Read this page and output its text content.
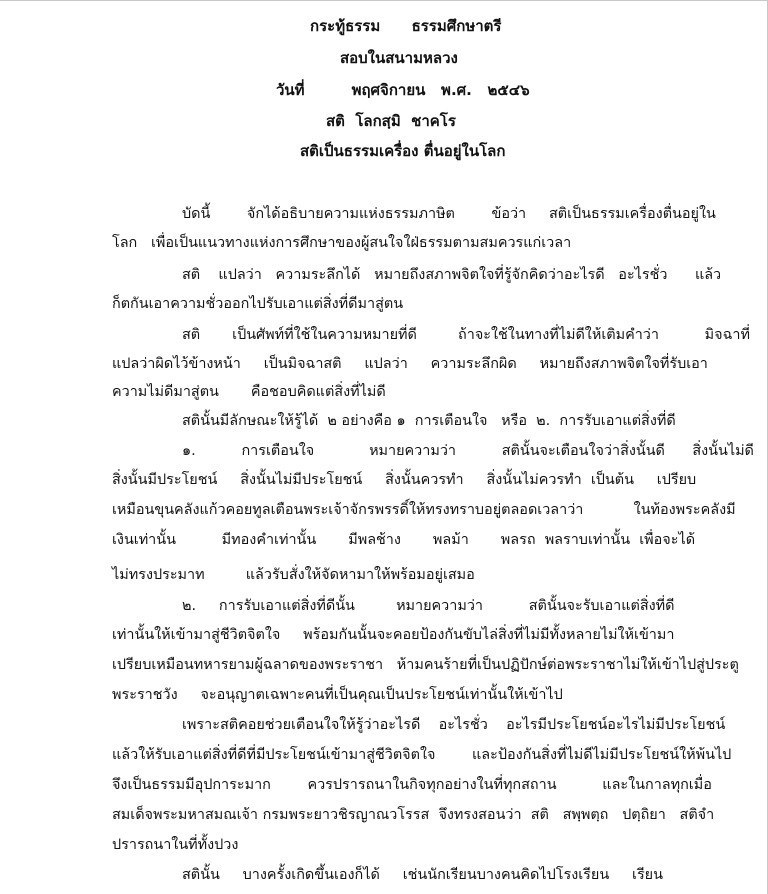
กระทู้ธรรม      ธรรมศึกษาตรี
สอบในสนามหลวง
วันที่         พฤศจิกายน   พ.ศ.   ๒๕๔๖
สติ  โลกสฺมิ  ชาคโร
สติเป็นธรรมเครื่อง ตื่นอยู่ในโลก
บัดนี้        จักได้อธิบายความแห่งธรรมภาษิต        ข้อว่า     สติเป็นธรรมเครื่องตื่นอยู่ใน
โลก   เพื่อเป็นแนวทางแห่งการศึกษาของผู้สนใจใฝ่ธรรมตามสมควรแก่เวลา
สติ    แปลว่า   ความระลึกได้   หมายถึงสภาพจิตใจที่รู้จักคิดว่าอะไรดี   อะไรชั่ว      แล้ว
ก็ตกันเอาความชั่วออกไปรับเอาแต่สิ่งที่ดีมาสู่ตน
สติ       เป็นศัพท์ที่ใช้ในความหมายที่ดี         ถ้าจะใช้ในทางที่ไม่ดีให้เติมคำว่า          มิจฉาที่
แปลว่าผิดไว้ข้างหน้า     เป็นมิจฉาสติ     แปลว่า     ความระลึกผิด     หมายถึงสภาพจิตใจที่รับเอา
ความไม่ดีมาสู่ตน       คือชอบคิดแต่สิ่งที่ไม่ดี
สตินั้นมีลักษณะให้รู้ได้  ๒ อย่างคือ ๑  การเตือนใจ   หรือ  ๒.  การรับเอาแต่สิ่งที่ดี
๑.          การเตือนใจ            หมายความว่า          สตินั้นจะเตือนใจว่าสิ่งนั้นดี      สิ่งนั้นไม่ดี
สิ่งนั้นมีประโยชน์     สิ่งนั้นไม่มีประโยชน์     สิ่งนั้นควรทำ     สิ่งนั้นไม่ควรทำ  เป็นต้น     เปรียบ
เหมือนขุนคลังแก้วคอยทูลเตือนพระเจ้าจักรพรรดิ์ให้ทรงทราบอยู่ตลอดเวลาว่า           ในท้องพระคลังมี
เงินเท่านั้น          มีทองคำเท่านั้น       มีพลช้าง       พลม้า       พลรถ  พลราบเท่านั้น  เพื่อจะได้
ไม่ทรงประมาท         แล้วรับสั่งให้จัดหามาให้พร้อมอยู่เสมอ
๒.     การรับเอาแต่สิ่งที่ดีนั้น         หมายความว่า          สตินั้นจะรับเอาแต่สิ่งที่ดี
เท่านั้นให้เข้ามาสู่ชีวิตจิตใจ     พร้อมกันนั้นจะคอยป้องกันขับไล่สิ่งที่ไม่มีทั้งหลายไม่ให้เข้ามา
เปรียบเหมือนทหารยามผู้ฉลาดของพระราชา   ห้ามคนร้ายที่เป็นปฏิปักษ์ต่อพระราชาไม่ให้เข้าไปสู่ประตู
พระราชวัง     จะอนุญาตเฉพาะคนที่เป็นคุณเป็นประโยชน์เท่านั้นให้เข้าไป
เพราะสติคอยช่วยเตือนใจให้รู้ว่าอะไรดี    อะไรชั่ว    อะไรมีประโยชน์อะไรไม่มีประโยชน์
แล้วให้รับเอาแต่สิ่งที่ดีที่มีประโยชน์เข้ามาสู่ชีวิตจิตใจ        และป้องกันสิ่งที่ไม่ดีไม่มีประโยชน์ให้พ้นไป
จึงเป็นธรรมมีอุปการะมาก        ควรปรารถนาในกิจทุกอย่างในที่ทุกสถาน          และในกาลทุกเมื่อ
สมเด็จพระมหาสมณเจ้า กรมพระยาวชิรญาณวโรรส  จึงทรงสอนว่า  สติ   สพฺพตฺถ   ปตฺถิยา   สติจำ
ปรารถนาในที่ทั้งปวง
สตินั้น     บางครั้งเกิดขึ้นเองก็ได้     เช่นนักเรียนบางคนคิดไปโรงเรียน     เรียน
